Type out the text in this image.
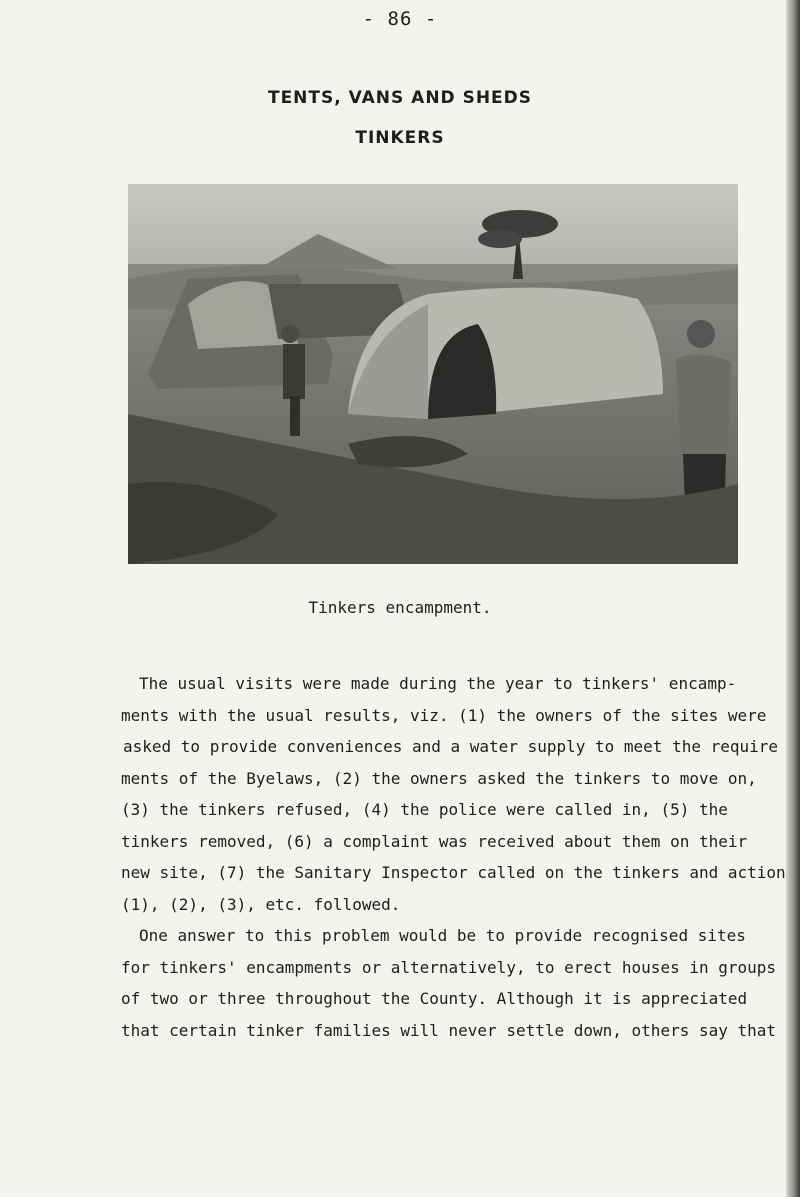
- 86 -
TENTS, VANS AND SHEDS
TINKERS
Tinkers encampment.

The usual visits were made during the year to tinkers' encamp-
ments with the usual results, viz. (1) the owners of the sites were
asked to provide conveniences and a water supply to meet the require
ments of the Byelaws, (2) the owners asked the tinkers to move on,
(3) the tinkers refused, (4) the police were called in, (5) the
tinkers removed, (6) a complaint was received about them on their
new site, (7) the Sanitary Inspector called on the tinkers and action
(1), (2), (3), etc. followed.

One answer to this problem would be to provide recognised sites
for tinkers' encampments or alternatively, to erect houses in groups
of two or three throughout the County. Although it is appreciated
that certain tinker families will never settle down, others say that
